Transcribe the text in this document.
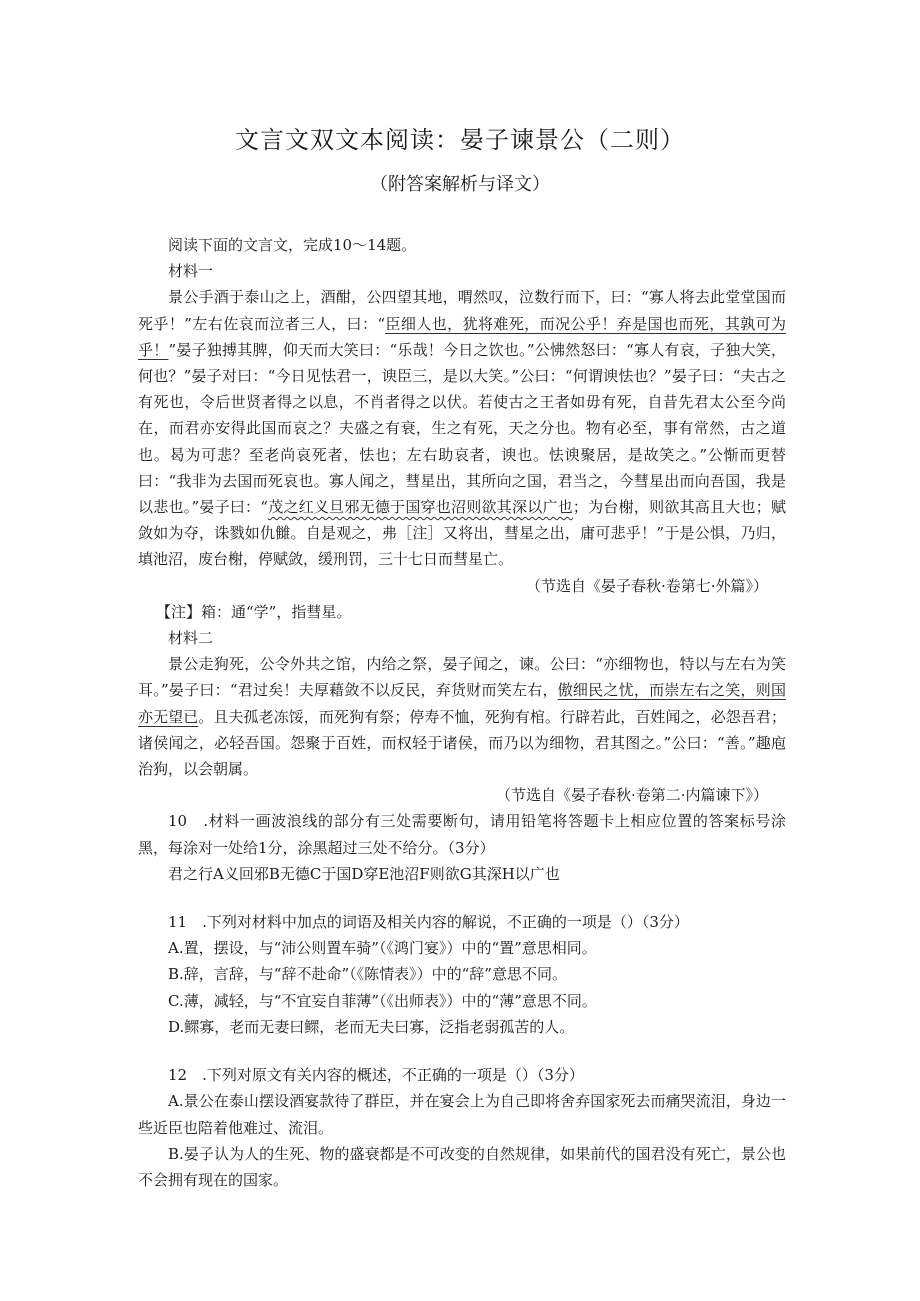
文言文双文本阅读：晏子谏景公（二则）
（附答案解析与译文）

阅读下面的文言文，完成10～14题。

材料一

景公手酒于泰山之上，酒酣，公四望其地，喟然叹，泣数行而下，曰：“寡人将去此堂堂国而死乎！”左右佐哀而泣者三人，曰：“臣细人也，犹将难死，而况公乎！弃是国也而死，其孰可为乎！”晏子独搏其脾，仰天而大笑曰：“乐哉！今日之饮也。”公怫然怒曰：“寡人有哀，子独大笑，何也？”晏子对曰：“今日见怯君一，谀臣三，是以大笑。”公曰：“何谓谀怯也？”晏子曰：“夫古之有死也，令后世贤者得之以息，不肖者得之以伏。若使古之王者如毋有死，自昔先君太公至今尚在，而君亦安得此国而哀之？夫盛之有衰，生之有死，天之分也。物有必至，事有常然，古之道也。曷为可悲？至老尚哀死者，怯也；左右助哀者，谀也。怯谀聚居，是故笑之。”公惭而更替曰：“我非为去国而死哀也。寡人闻之，彗星出，其所向之国，君当之，今彗星出而向吾国，我是以悲也。”晏子曰：“茂之红义旦邪无德于国穿也沼则欲其深以广也；为台榭，则欲其高且大也；赋敛如为夺，诛戮如仇雠。自是观之，弗［注］又将出，彗星之出，庸可悲乎！”于是公惧，乃归，填池沼，废台榭，停赋敛，缓刑罚，三十七日而彗星亡。

（节选自《晏子春秋·卷第七·外篇》）

【注】箱：通“学”，指彗星。

材料二

景公走狗死，公令外共之馆，内给之祭，晏子闻之，谏。公曰：“亦细物也，特以与左右为笑耳。”晏子曰：“君过矣！夫厚藉敛不以反民，弃货财而笑左右，傲细民之忧，而崇左右之笑，则国亦无望已。且夫孤老冻馁，而死狗有祭；停寿不恤，死狗有棺。行辟若此，百姓闻之，必怨吾君；诸侯闻之，必轻吾国。怨聚于百姓，而权轻于诸侯，而乃以为细物，君其图之。”公曰：“善。”趣庖治狗，以会朝属。

（节选自《晏子春秋·卷第二·内篇谏下》）

10　.材料一画波浪线的部分有三处需要断句，请用铅笔将答题卡上相应位置的答案标号涂黑，每涂对一处给1分，涂黑超过三处不给分。（3分）

君之行A义回邪B无德C于国D穿E池沼F则欲G其深H以广也

11　.下列对材料中加点的词语及相关内容的解说，不正确的一项是（）（3分）

A.置，摆设，与“沛公则置车骑”（《鸿门宴》）中的“置”意思相同。

B.辞，言辞，与“辞不赴命”（《陈情表》）中的“辞”意思不同。

C.薄，减轻，与“不宜妄自菲薄”（《出师表》）中的“薄”意思不同。

D.鳏寡，老而无妻曰鳏，老而无夫曰寡，泛指老弱孤苦的人。

12　.下列对原文有关内容的概述，不正确的一项是（）（3分）

A.景公在泰山摆设酒宴款待了群臣，并在宴会上为自己即将舍弃国家死去而痛哭流泪，身边一些近臣也陪着他难过、流泪。

B.晏子认为人的生死、物的盛衰都是不可改变的自然规律，如果前代的国君没有死亡，景公也不会拥有现在的国家。
